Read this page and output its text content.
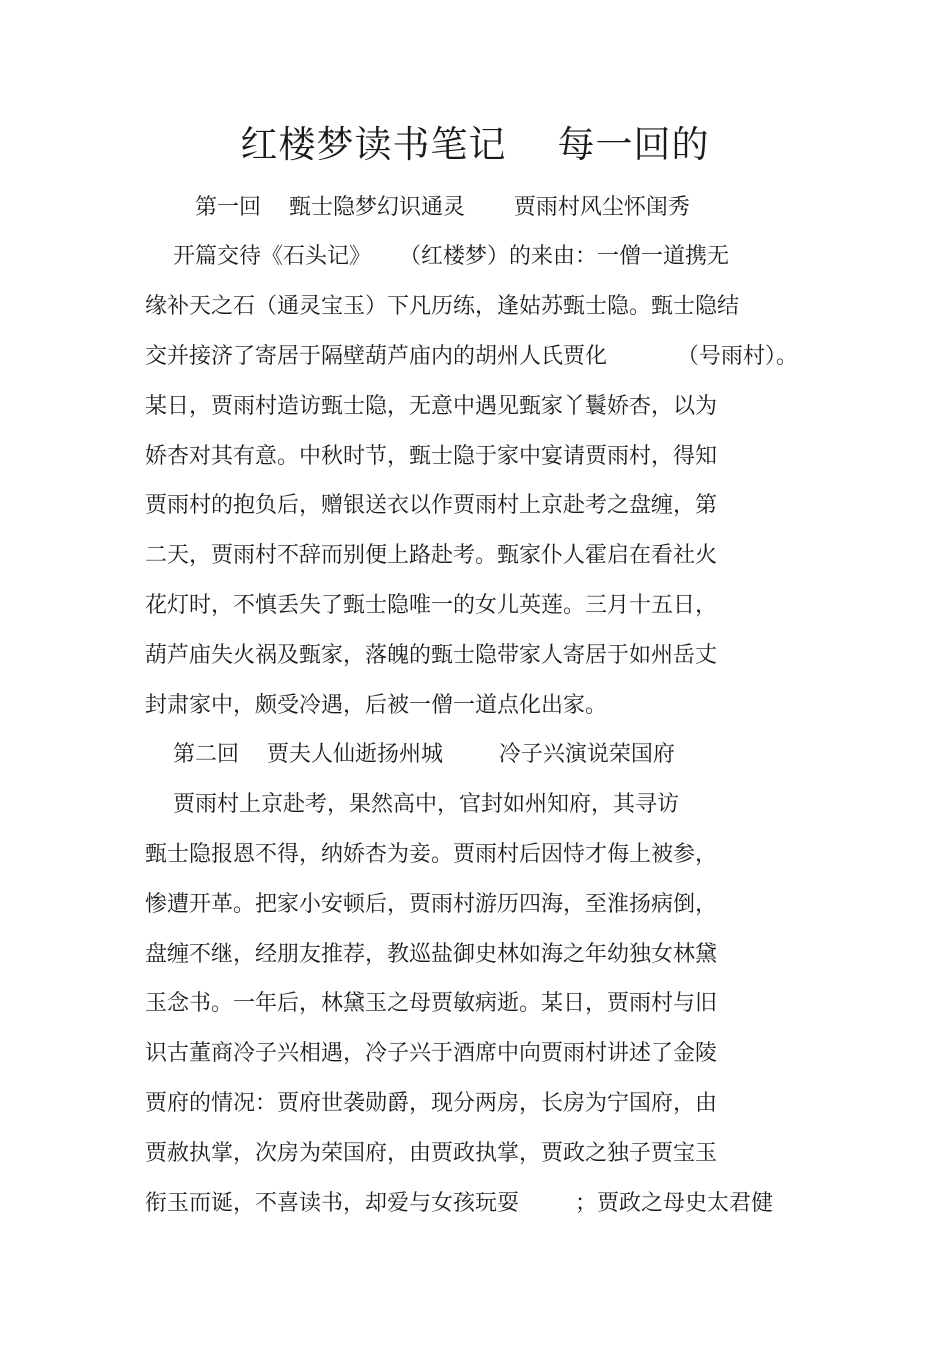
红楼梦读书笔记    每一回的

第一回    甄士隐梦幻识通灵       贾雨村风尘怀闺秀

开篇交待《石头记》    （红楼梦）的来由：一僧一道携无

缘补天之石（通灵宝玉）下凡历练，逢姑苏甄士隐。甄士隐结

交并接济了寄居于隔壁葫芦庙内的胡州人氏贾化          （号雨村）。

某日，贾雨村造访甄士隐，无意中遇见甄家丫鬟娇杏，以为

娇杏对其有意。中秋时节，甄士隐于家中宴请贾雨村，得知

贾雨村的抱负后，赠银送衣以作贾雨村上京赴考之盘缠，第

二天，贾雨村不辞而别便上路赴考。甄家仆人霍启在看社火

花灯时，不慎丢失了甄士隐唯一的女儿英莲。三月十五日，

葫芦庙失火祸及甄家，落魄的甄士隐带家人寄居于如州岳丈

封肃家中，颇受冷遇，后被一僧一道点化出家。

第二回    贾夫人仙逝扬州城        冷子兴演说荣国府

贾雨村上京赴考，果然高中，官封如州知府，其寻访

甄士隐报恩不得，纳娇杏为妾。贾雨村后因恃才侮上被参，

惨遭开革。把家小安顿后，贾雨村游历四海，至淮扬病倒，

盘缠不继，经朋友推荐，教巡盐御史林如海之年幼独女林黛

玉念书。一年后，林黛玉之母贾敏病逝。某日，贾雨村与旧

识古董商冷子兴相遇，冷子兴于酒席中向贾雨村讲述了金陵

贾府的情况：贾府世袭勋爵，现分两房，长房为宁国府，由

贾赦执掌，次房为荣国府，由贾政执掌，贾政之独子贾宝玉

衔玉而诞，不喜读书，却爱与女孩玩耍        ；贾政之母史太君健
